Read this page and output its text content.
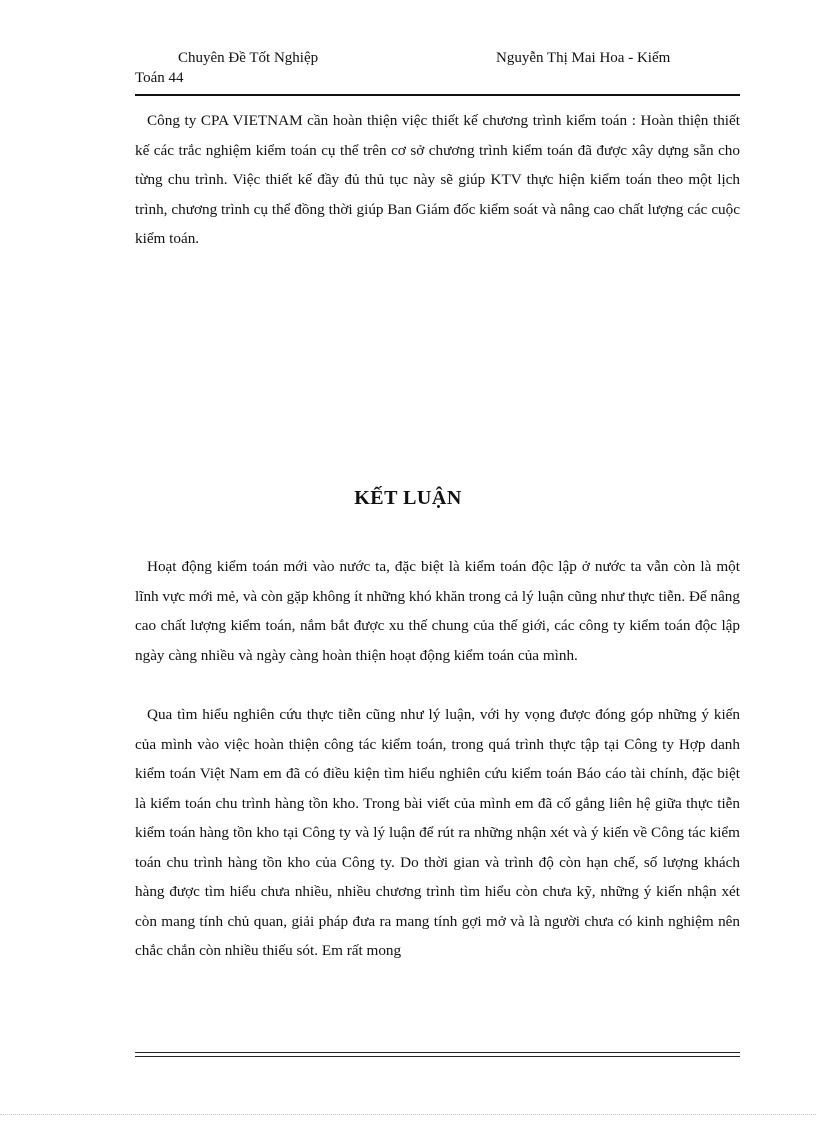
Chuyên Đề Tốt Nghiệp	Nguyễn Thị Mai Hoa - Kiểm
Toán 44

Công ty CPA VIETNAM cần hoàn thiện việc thiết kế chương trình kiểm toán : Hoàn thiện thiết kế các trắc nghiệm kiểm toán cụ thể trên cơ sở chương trình kiểm toán đã được xây dựng sẵn cho từng chu trình. Việc thiết kế đầy đủ thủ tục này sẽ giúp KTV thực hiện kiểm toán theo một lịch trình, chương trình cụ thể đồng thời giúp Ban Giám đốc kiểm soát và nâng cao chất lượng các cuộc kiểm toán.

KẾT LUẬN

Hoạt động kiểm toán mới vào nước ta, đặc biệt là kiểm toán độc lập ở nước ta vẫn còn là một lĩnh vực mới mẻ, và còn gặp không ít những khó khăn trong cả lý luận cũng như thực tiễn. Để nâng cao chất lượng kiểm toán, nắm bắt được xu thế chung của thế giới, các công ty kiểm toán độc lập ngày càng nhiều và ngày càng hoàn thiện hoạt động kiểm toán của mình.

Qua tìm hiểu nghiên cứu thực tiễn cũng như lý luận, với hy vọng được đóng góp những ý kiến của mình vào việc hoàn thiện công tác kiểm toán, trong quá trình thực tập tại Công ty Hợp danh kiểm toán Việt Nam em đã có điều kiện tìm hiểu nghiên cứu kiểm toán Báo cáo tài chính, đặc biệt là kiểm toán chu trình hàng tồn kho. Trong bài viết của mình em đã cố gắng liên hệ giữa thực tiễn kiểm toán hàng tồn kho tại Công ty và lý luận để rút ra những nhận xét và ý kiến về Công tác kiểm toán chu trình hàng tồn kho của Công ty. Do thời gian và trình độ còn hạn chế, số lượng khách hàng được tìm hiểu chưa nhiều, nhiều chương trình tìm hiểu còn chưa kỹ, những ý kiến nhận xét còn mang tính chủ quan, giải pháp đưa ra mang tính gợi mở và là người chưa có kinh nghiệm nên chắc chắn còn nhiều thiếu sót. Em rất mong
